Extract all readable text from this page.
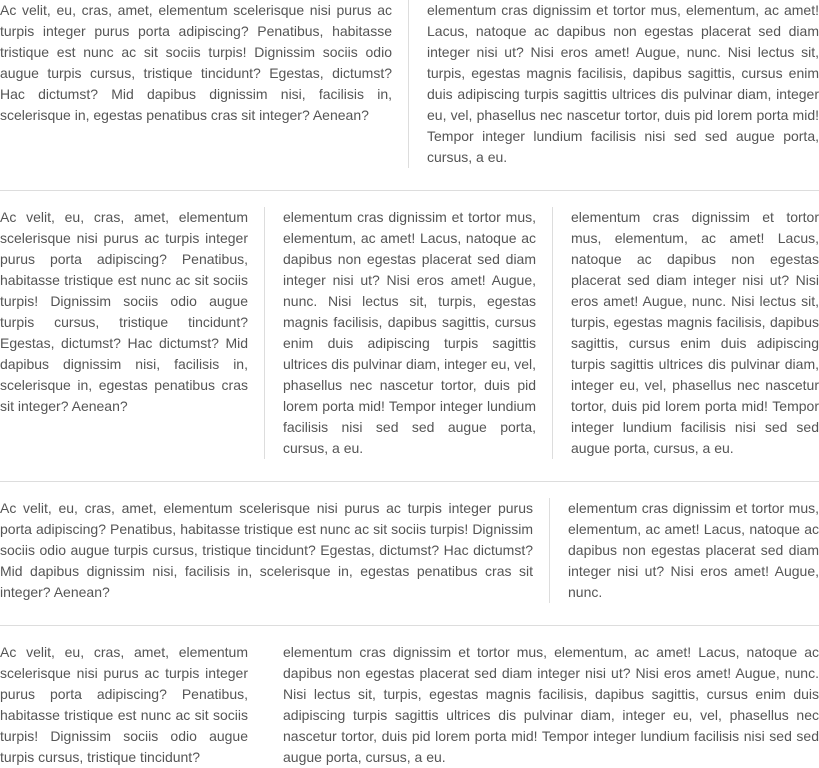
Ac velit, eu, cras, amet, elementum scelerisque nisi purus ac turpis integer purus porta adipiscing? Penatibus, habitasse tristique est nunc ac sit sociis turpis! Dignissim sociis odio augue turpis cursus, tristique tincidunt? Egestas, dictumst? Hac dictumst? Mid dapibus dignissim nisi, facilisis in, scelerisque in, egestas penatibus cras sit integer? Aenean?
elementum cras dignissim et tortor mus, elementum, ac amet! Lacus, natoque ac dapibus non egestas placerat sed diam integer nisi ut? Nisi eros amet! Augue, nunc. Nisi lectus sit, turpis, egestas magnis facilisis, dapibus sagittis, cursus enim duis adipiscing turpis sagittis ultrices dis pulvinar diam, integer eu, vel, phasellus nec nascetur tortor, duis pid lorem porta mid! Tempor integer lundium facilisis nisi sed sed augue porta, cursus, a eu.
Ac velit, eu, cras, amet, elementum scelerisque nisi purus ac turpis integer purus porta adipiscing? Penatibus, habitasse tristique est nunc ac sit sociis turpis! Dignissim sociis odio augue turpis cursus, tristique tincidunt? Egestas, dictumst? Hac dictumst? Mid dapibus dignissim nisi, facilisis in, scelerisque in, egestas penatibus cras sit integer? Aenean?
elementum cras dignissim et tortor mus, elementum, ac amet! Lacus, natoque ac dapibus non egestas placerat sed diam integer nisi ut? Nisi eros amet! Augue, nunc. Nisi lectus sit, turpis, egestas magnis facilisis, dapibus sagittis, cursus enim duis adipiscing turpis sagittis ultrices dis pulvinar diam, integer eu, vel, phasellus nec nascetur tortor, duis pid lorem porta mid! Tempor integer lundium facilisis nisi sed sed augue porta, cursus, a eu.
elementum cras dignissim et tortor mus, elementum, ac amet! Lacus, natoque ac dapibus non egestas placerat sed diam integer nisi ut? Nisi eros amet! Augue, nunc. Nisi lectus sit, turpis, egestas magnis facilisis, dapibus sagittis, cursus enim duis adipiscing turpis sagittis ultrices dis pulvinar diam, integer eu, vel, phasellus nec nascetur tortor, duis pid lorem porta mid! Tempor integer lundium facilisis nisi sed sed augue porta, cursus, a eu.
Ac velit, eu, cras, amet, elementum scelerisque nisi purus ac turpis integer purus porta adipiscing? Penatibus, habitasse tristique est nunc ac sit sociis turpis! Dignissim sociis odio augue turpis cursus, tristique tincidunt? Egestas, dictumst? Hac dictumst? Mid dapibus dignissim nisi, facilisis in, scelerisque in, egestas penatibus cras sit integer? Aenean?
elementum cras dignissim et tortor mus, elementum, ac amet! Lacus, natoque ac dapibus non egestas placerat sed diam integer nisi ut? Nisi eros amet! Augue, nunc.
Ac velit, eu, cras, amet, elementum scelerisque nisi purus ac turpis integer purus porta adipiscing? Penatibus, habitasse tristique est nunc ac sit sociis turpis! Dignissim sociis odio augue turpis cursus, tristique tincidunt?
elementum cras dignissim et tortor mus, elementum, ac amet! Lacus, natoque ac dapibus non egestas placerat sed diam integer nisi ut? Nisi eros amet! Augue, nunc. Nisi lectus sit, turpis, egestas magnis facilisis, dapibus sagittis, cursus enim duis adipiscing turpis sagittis ultrices dis pulvinar diam, integer eu, vel, phasellus nec nascetur tortor, duis pid lorem porta mid! Tempor integer lundium facilisis nisi sed sed augue porta, cursus, a eu.
